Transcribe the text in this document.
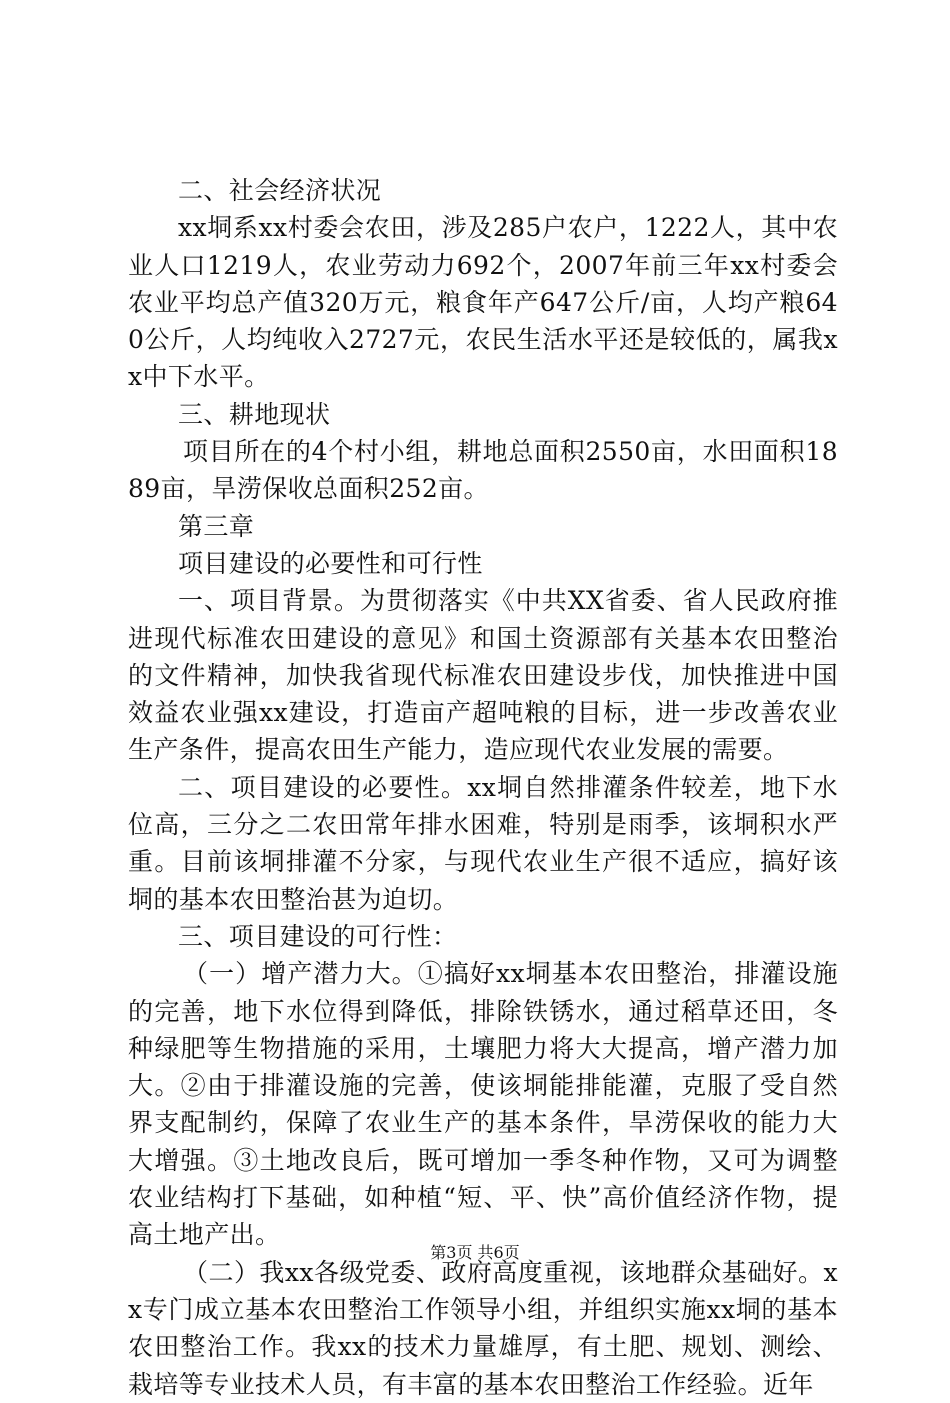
二、社会经济状况

xx垌系xx村委会农田，涉及285户农户，1222人，其中农业人口1219人，农业劳动力692个，2007年前三年xx村委会农业平均总产值320万元，粮食年产647公斤/亩，人均产粮640公斤，人均纯收入2727元，农民生活水平还是较低的，属我xx中下水平。

三、耕地现状

项目所在的4个村小组，耕地总面积2550亩，水田面积1889亩，旱涝保收总面积252亩。

第三章

项目建设的必要性和可行性

一、项目背景。为贯彻落实《中共XX省委、省人民政府推进现代标准农田建设的意见》和国土资源部有关基本农田整治的文件精神，加快我省现代标准农田建设步伐，加快推进中国效益农业强xx建设，打造亩产超吨粮的目标，进一步改善农业生产条件，提高农田生产能力，造应现代农业发展的需要。

二、项目建设的必要性。xx垌自然排灌条件较差，地下水位高，三分之二农田常年排水困难，特别是雨季，该垌积水严重。目前该垌排灌不分家，与现代农业生产很不适应，搞好该垌的基本农田整治甚为迫切。

三、项目建设的可行性：

（一）增产潜力大。①搞好xx垌基本农田整治，排灌设施的完善，地下水位得到降低，排除铁锈水，通过稻草还田，冬种绿肥等生物措施的采用，土壤肥力将大大提高，增产潜力加大。②由于排灌设施的完善，使该垌能排能灌，克服了受自然界支配制约，保障了农业生产的基本条件，旱涝保收的能力大大增强。③土地改良后，既可增加一季冬种作物，又可为调整农业结构打下基础，如种植“短、平、快”高价值经济作物，提高土地产出。

（二）我xx各级党委、政府高度重视，该地群众基础好。xx专门成立基本农田整治工作领导小组，并组织实施xx垌的基本农田整治工作。我xx的技术力量雄厚，有土肥、规划、测绘、栽培等专业技术人员，有丰富的基本农田整治工作经验。近年

第3页 共6页
